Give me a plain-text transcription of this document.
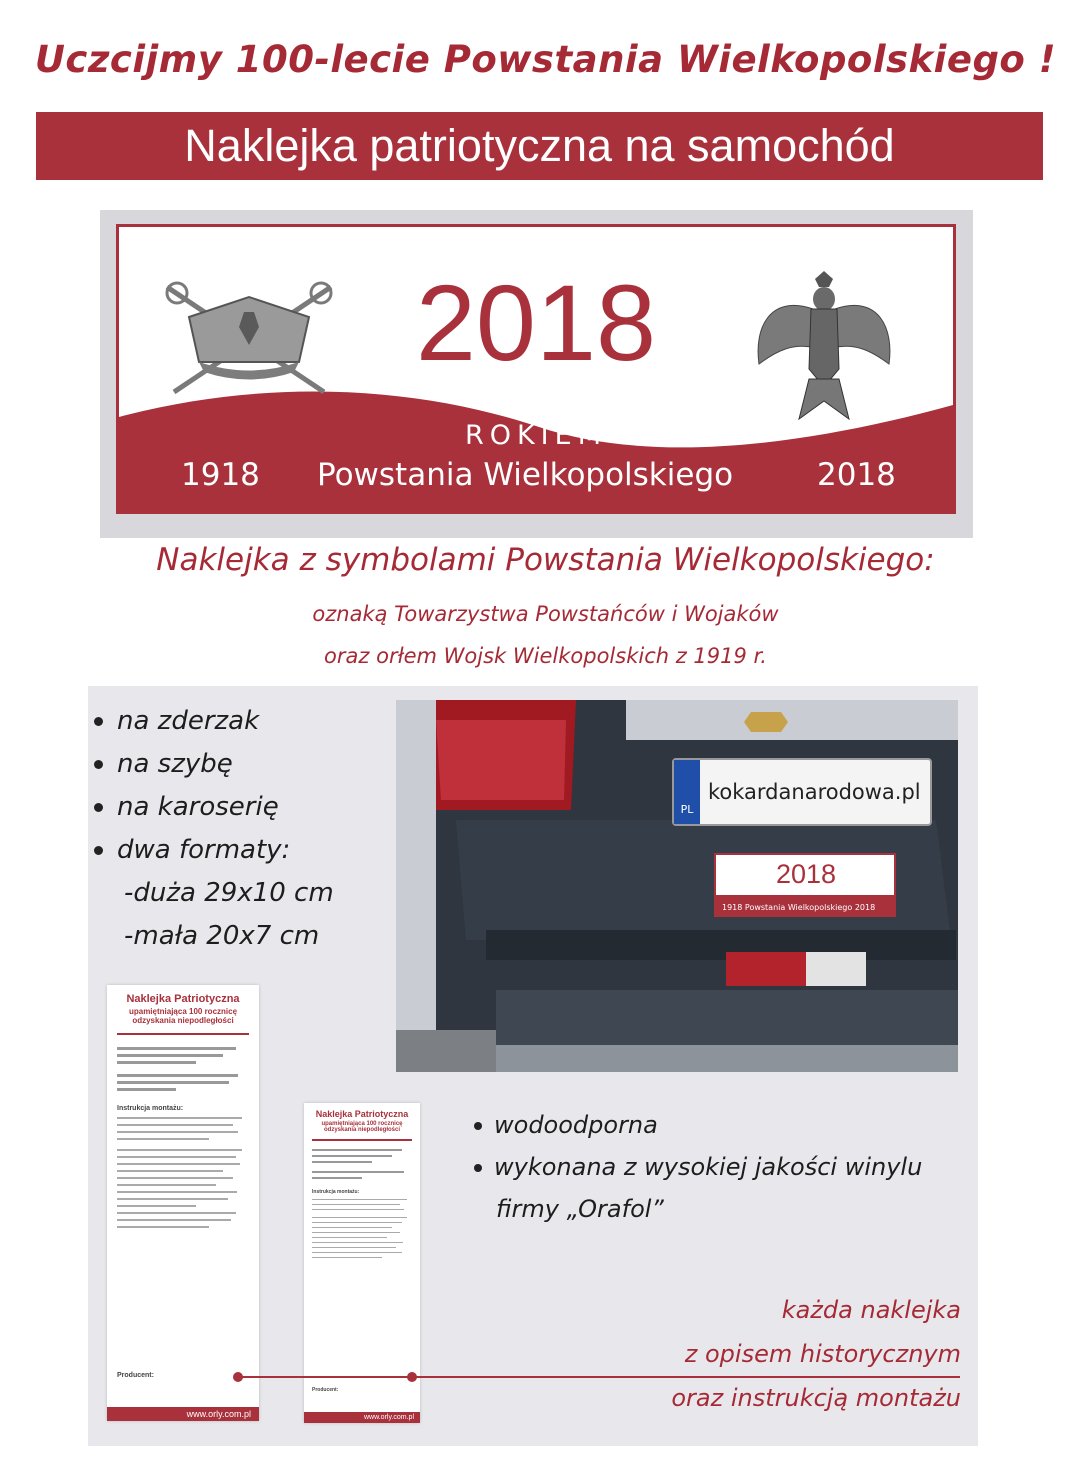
Uczcijmy 100-lecie Powstania Wielkopolskiego !
Naklejka patriotyczna na samochód
2018
ROKIEM
1918 Powstania Wielkopolskiego	2018
Naklejka z symbolami Powstania Wielkopolskiego:
oznaką Towarzystwa Powstańców i Wojaków
oraz orłem Wojsk Wielkopolskich z 1919 r.
na zderzak
na szybę
na karoserię
dwa formaty:
-duża 29x10 cm
-mała 20x7 cm
PL
kokardanarodowa.pl
2018
1918 Powstania Wielkopolskiego 2018
Naklejka Patriotyczna
upamiętniająca 100 rocznicę odzyskania niepodległości
Instrukcja montażu:
Producent:
www.orly.com.pl
Naklejka Patriotyczna
upamiętniająca 100 rocznicę odzyskania niepodległości
Instrukcja montażu:
Producent:
www.orly.com.pl
wodoodporna
wykonana z wysokiej jakości winylu
firmy „Orafol”
każda naklejka
z opisem historycznym
oraz instrukcją montażu
